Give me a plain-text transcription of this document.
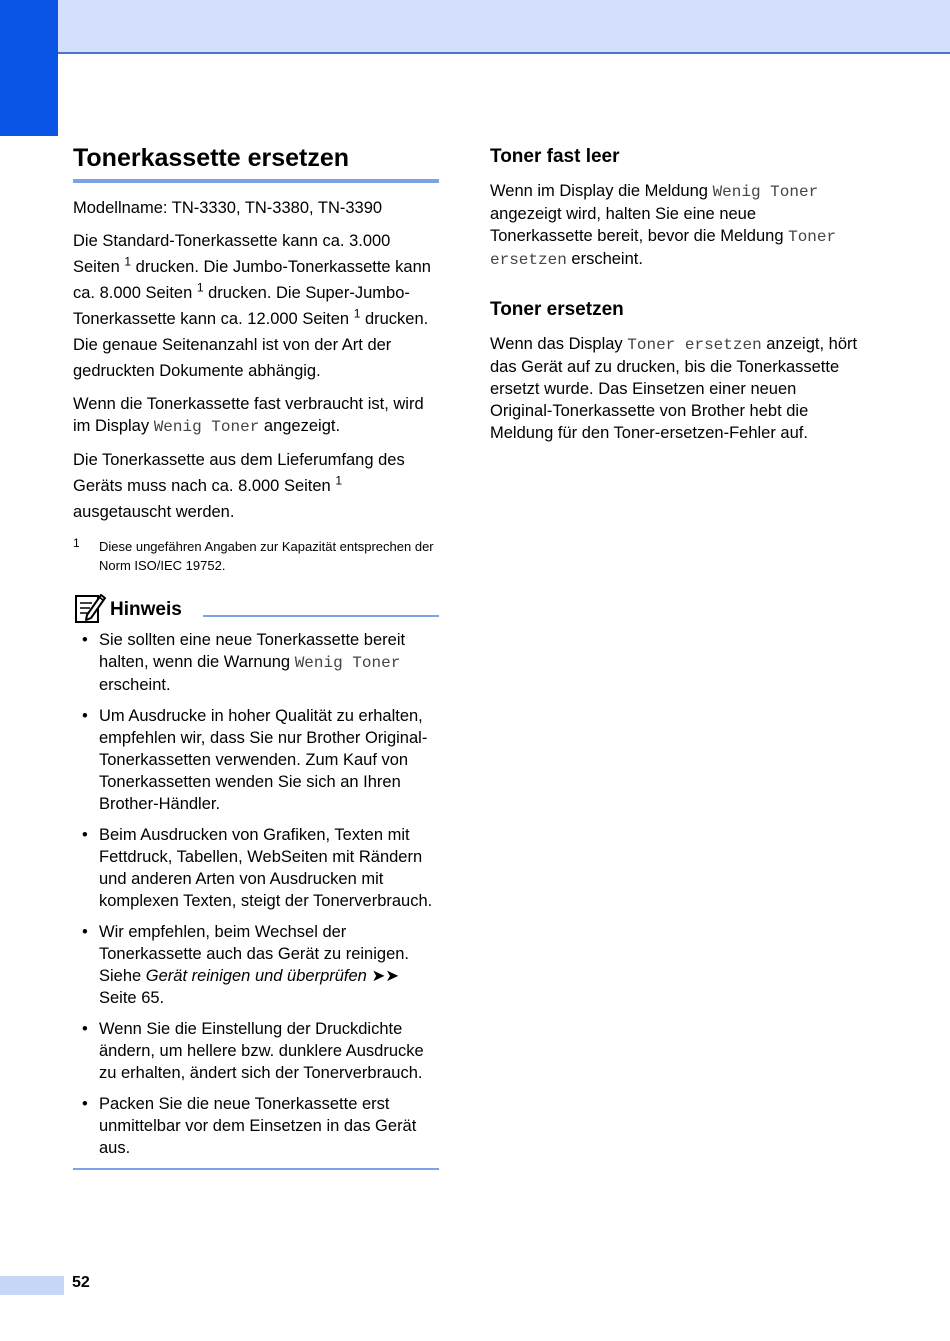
Tonerkassette ersetzen

Modellname: TN-3330, TN-3380, TN-3390

Die Standard-Tonerkassette kann ca. 3.000 Seiten $^1$ drucken. Die Jumbo-Tonerkassette kann ca. 8.000 Seiten $^1$ drucken. Die Super-Jumbo-Tonerkassette kann ca. 12.000 Seiten $^1$ drucken. Die genaue Seitenanzahl ist von der Art der gedruckten Dokumente abhängig.

Wenn die Tonerkassette fast verbraucht ist, wird im Display Wenig Toner angezeigt.

Die Tonerkassette aus dem Lieferumfang des Geräts muss nach ca. 8.000 Seiten $^1$ ausgetauscht werden.

1 Diese ungefähren Angaben zur Kapazität entsprechen der Norm ISO/IEC 19752.
Hinweis
• Sie sollten eine neue Tonerkassette bereit halten, wenn die Warnung Wenig Toner erscheint.
• Um Ausdrucke in hoher Qualität zu erhalten, empfehlen wir, dass Sie nur Brother Original-Tonerkassetten verwenden. Zum Kauf von Tonerkassetten wenden Sie sich an Ihren Brother-Händler.
• Beim Ausdrucken von Grafiken, Texten mit Fettdruck, Tabellen, WebSeiten mit Rändern und anderen Arten von Ausdrucken mit komplexen Texten, steigt der Tonerverbrauch.
• Wir empfehlen, beim Wechsel der Tonerkassette auch das Gerät zu reinigen. Siehe Gerät reinigen und überprüfen ➤➤ Seite 65.
• Wenn Sie die Einstellung der Druckdichte ändern, um hellere bzw. dunklere Ausdrucke zu erhalten, ändert sich der Tonerverbrauch.
• Packen Sie die neue Tonerkassette erst unmittelbar vor dem Einsetzen in das Gerät aus.
Toner fast leer

Wenn im Display die Meldung Wenig Toner angezeigt wird, halten Sie eine neue Tonerkassette bereit, bevor die Meldung Toner ersetzen erscheint.

Toner ersetzen

Wenn das Display Toner ersetzen anzeigt, hört das Gerät auf zu drucken, bis die Tonerkassette ersetzt wurde. Das Einsetzen einer neuen Original-Tonerkassette von Brother hebt die Meldung für den Toner-ersetzen-Fehler auf.

52
